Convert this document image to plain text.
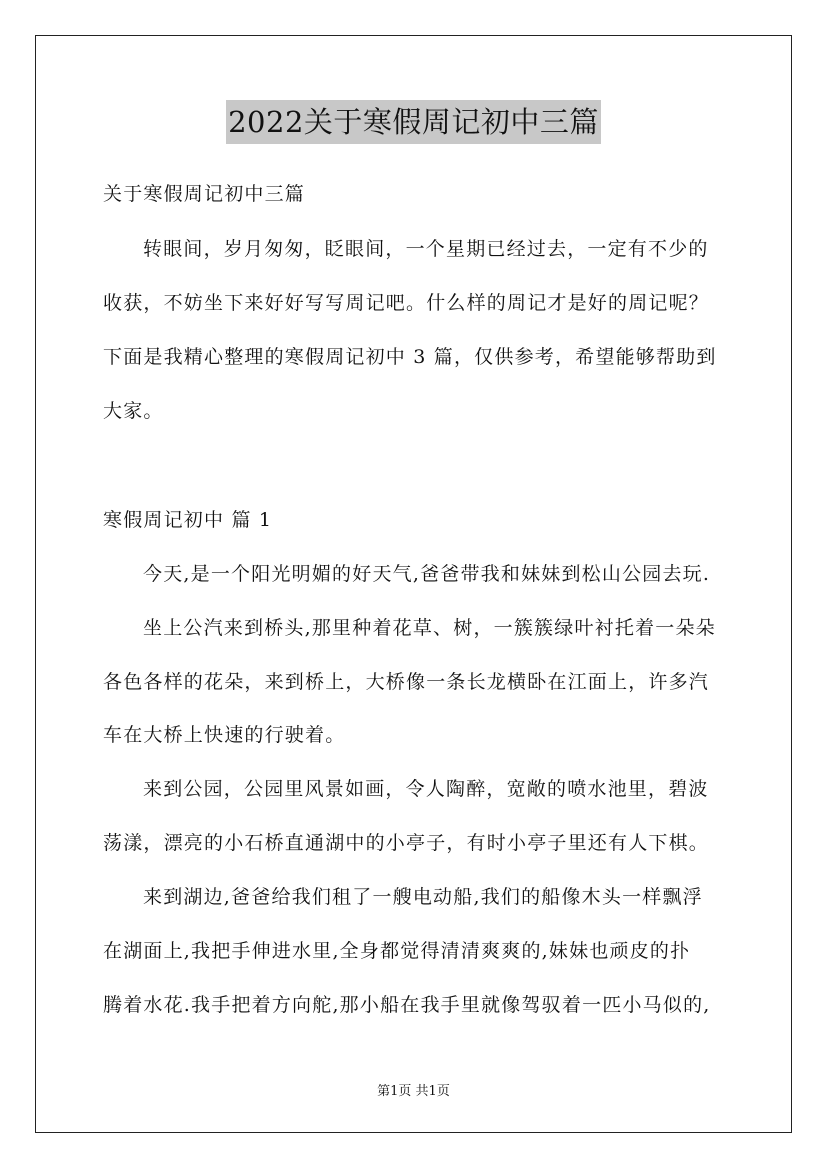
2022关于寒假周记初中三篇
关于寒假周记初中三篇
转眼间，岁月匆匆，眨眼间，一个星期已经过去，一定有不少的
收获，不妨坐下来好好写写周记吧。什么样的周记才是好的周记呢？
下面是我精心整理的寒假周记初中 3 篇，仅供参考，希望能够帮助到
大家。
寒假周记初中 篇 1
今天,是一个阳光明媚的好天气,爸爸带我和妹妹到松山公园去玩.
坐上公汽来到桥头,那里种着花草、树，一簇簇绿叶衬托着一朵朵
各色各样的花朵，来到桥上，大桥像一条长龙横卧在江面上，许多汽
车在大桥上快速的行驶着。
来到公园，公园里风景如画，令人陶醉，宽敞的喷水池里，碧波
荡漾，漂亮的小石桥直通湖中的小亭子，有时小亭子里还有人下棋。
来到湖边,爸爸给我们租了一艘电动船,我们的船像木头一样飘浮
在湖面上,我把手伸进水里,全身都觉得清清爽爽的,妹妹也顽皮的扑
腾着水花.我手把着方向舵,那小船在我手里就像驾驭着一匹小马似的,
第1页 共1页
